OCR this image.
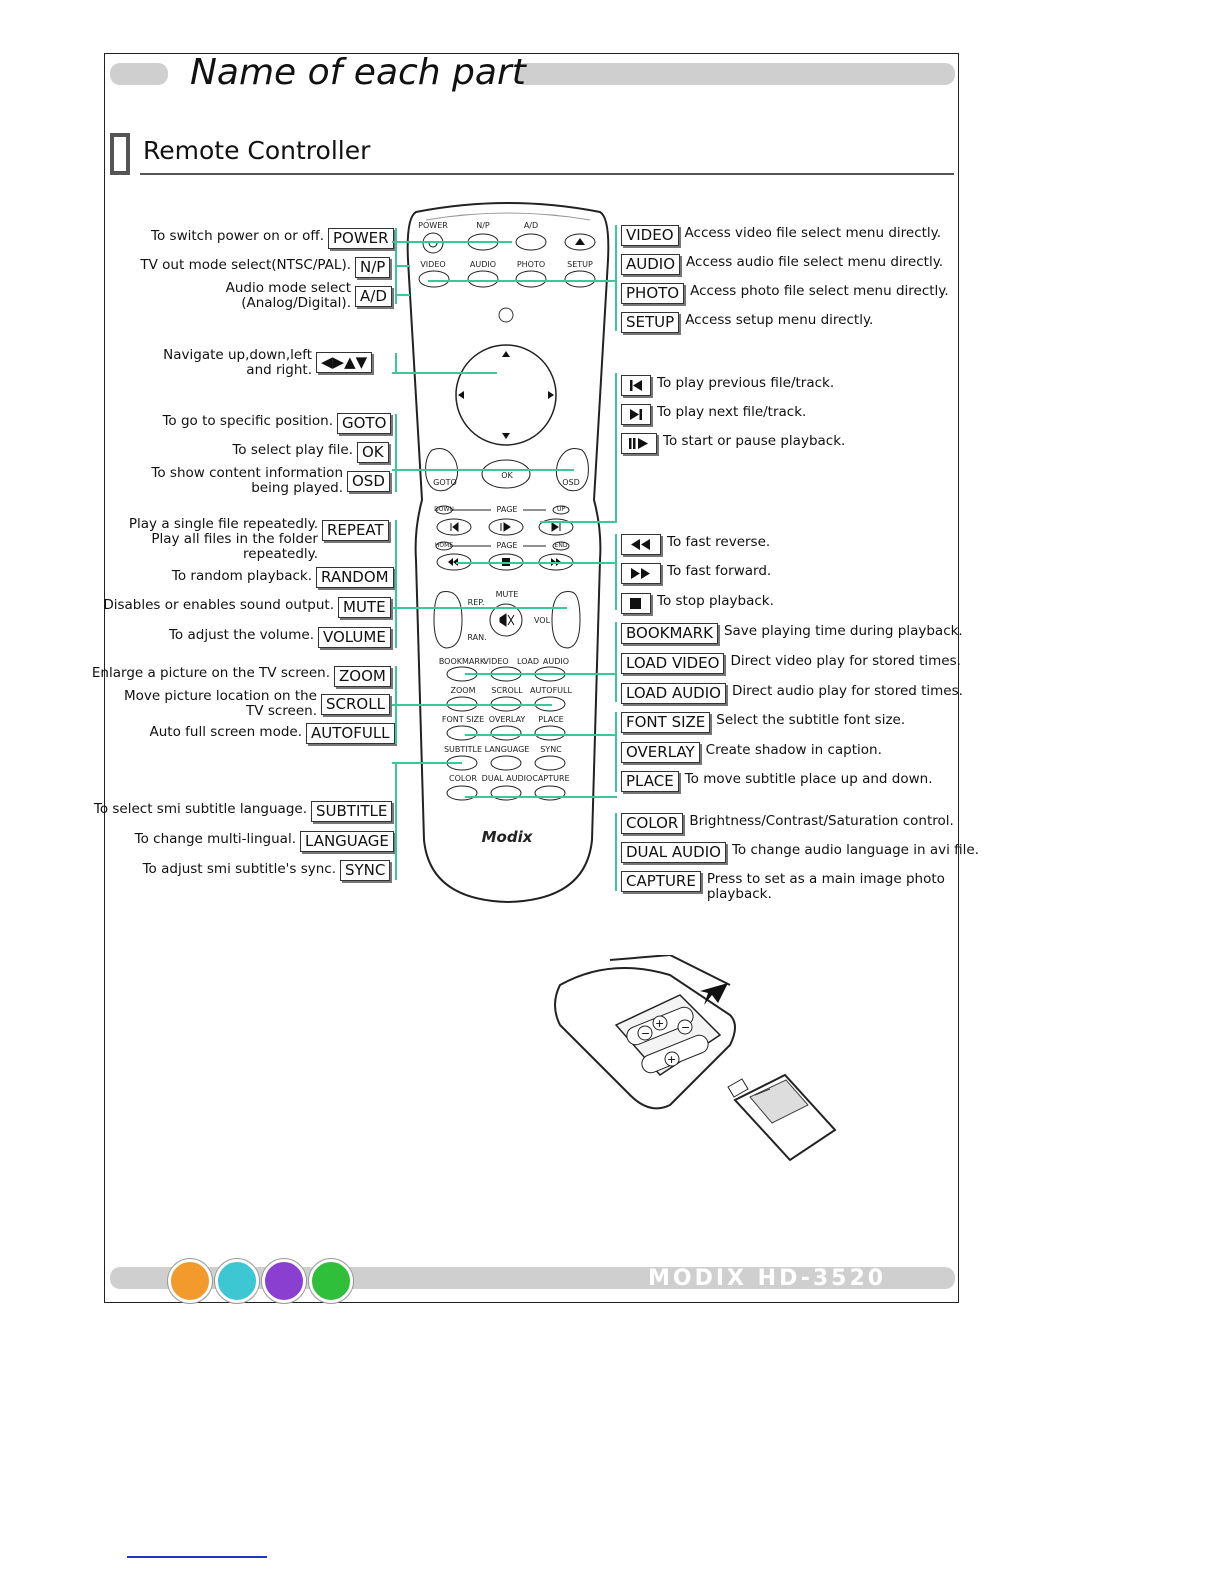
Name of each part
Remote Controller
To switch power on or off. POWER
TV out mode select(NTSC/PAL). N/P
Audio mode select
(Analog/Digital). A/D
Navigate up,down,left
and right. ◀▶▲▼
To go to specific position. GOTO
To select play file. OK
To show content information
being played. OSD
Play a single file repeatedly.
Play all files in the folder
repeatedly.
REPEAT
To random playback. RANDOM
Disables or enables sound output. MUTE
To adjust the volume. VOLUME
Enlarge a picture on the TV screen. ZOOM
Move picture location on the
TV screen. SCROLL
Auto full screen mode. AUTOFULL
To select smi subtitle language. SUBTITLE
To change multi-lingual. LANGUAGE
To adjust smi subtitle's sync. SYNC
VIDEO Access video file select menu directly.
AUDIO Access audio file select menu directly.
PHOTO Access photo file select menu directly.
SETUP Access setup menu directly.
To play previous file/track.
To play next file/track.
To start or pause playback.
To fast reverse.
To fast forward.
To stop playback.
BOOKMARK Save playing time during playback.
LOAD VIDEO Direct video play for stored times.
LOAD AUDIO Direct audio play for stored times.
FONT SIZE Select the subtitle font size.
OVERLAY Create shadow in caption.
PLACE To move subtitle place up and down.
COLOR Brightness/Contrast/Saturation control.
DUAL AUDIO To change audio language in avi file.
CAPTURE Press to set as a main image photo
playback.
POWER	N/P	A/D
VIDEO	AUDIO	PHOTO	SETUP
GOTO
OK
OSD
PAGE
PAGE
DOWN	UP
HOME	END
MUTE
REP.
RAN.
VOL
BOOKMARK
VIDEO LOAD AUDIO
ZOOM SCROLL AUTOFULL
FONT SIZE OVERLAY PLACE
SUBTITLE LANGUAGE SYNC
COLOR DUAL AUDIO CAPTURE
Modix
−
+ −
+
MODIX HD-3520
